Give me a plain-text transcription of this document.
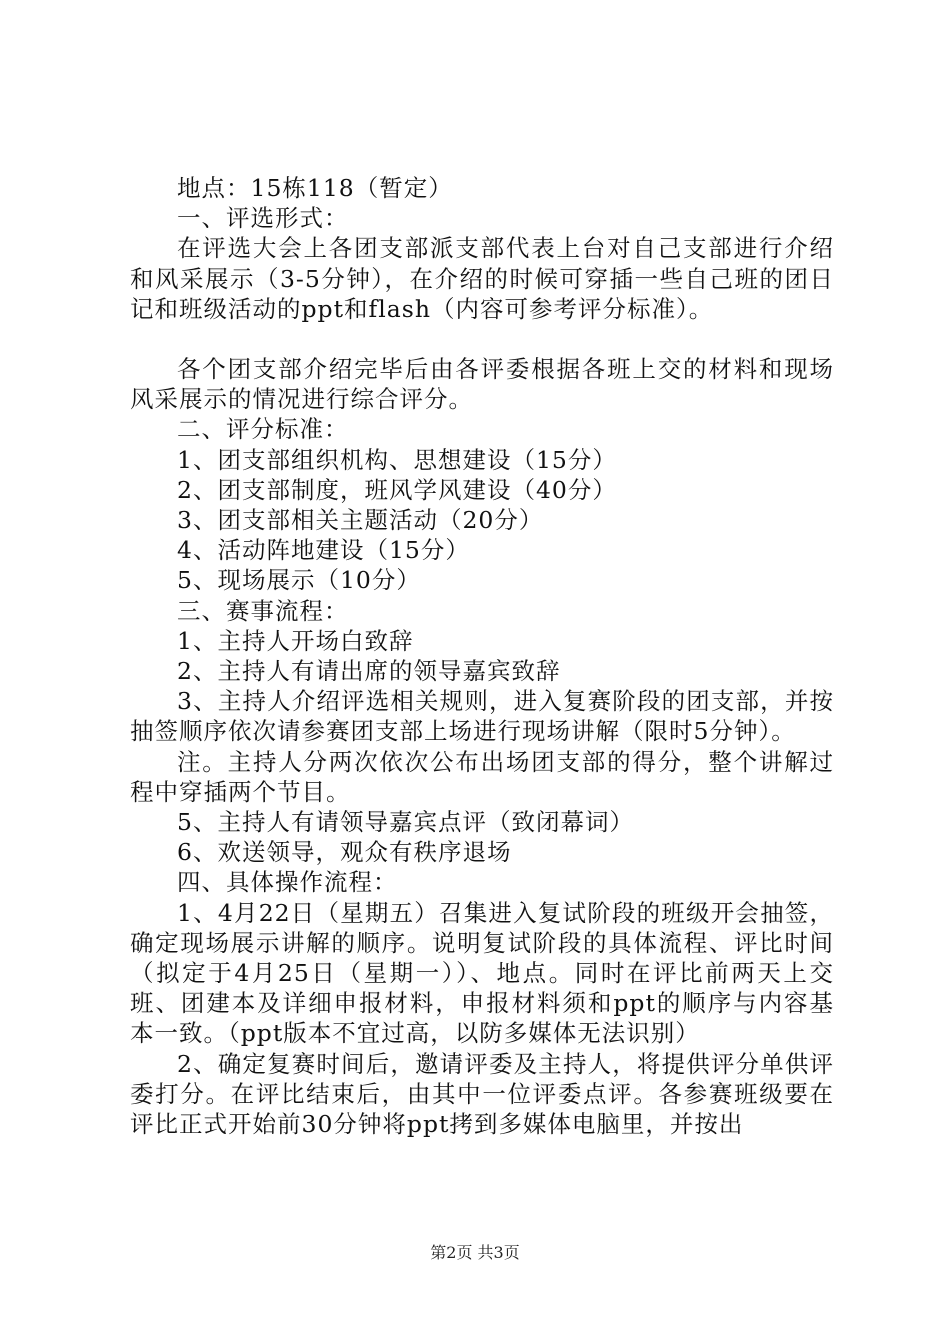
地点：15栋118（暂定）

一、评选形式：

在评选大会上各团支部派支部代表上台对自己支部进行介绍和风采展示（3-5分钟），在介绍的时候可穿插一些自己班的团日记和班级活动的ppt和flash（内容可参考评分标准）。

各个团支部介绍完毕后由各评委根据各班上交的材料和现场风采展示的情况进行综合评分。

二、评分标准：

1、团支部组织机构、思想建设（15分）

2、团支部制度，班风学风建设（40分）

3、团支部相关主题活动（20分）

4、活动阵地建设（15分）

5、现场展示（10分）

三、赛事流程：

1、主持人开场白致辞

2、主持人有请出席的领导嘉宾致辞

3、主持人介绍评选相关规则，进入复赛阶段的团支部，并按抽签顺序依次请参赛团支部上场进行现场讲解（限时5分钟）。

注。主持人分两次依次公布出场团支部的得分，整个讲解过程中穿插两个节目。

5、主持人有请领导嘉宾点评（致闭幕词）

6、欢送领导，观众有秩序退场

四、具体操作流程：

1、4月22日（星期五）召集进入复试阶段的班级开会抽签，确定现场展示讲解的顺序。说明复试阶段的具体流程、评比时间（拟定于4月25日（星期一））、地点。同时在评比前两天上交班、团建本及详细申报材料，申报材料须和ppt的顺序与内容基本一致。（ppt版本不宜过高，以防多媒体无法识别）

2、确定复赛时间后，邀请评委及主持人，将提供评分单供评委打分。在评比结束后，由其中一位评委点评。各参赛班级要在评比正式开始前30分钟将ppt拷到多媒体电脑里，并按出

第2页 共3页
